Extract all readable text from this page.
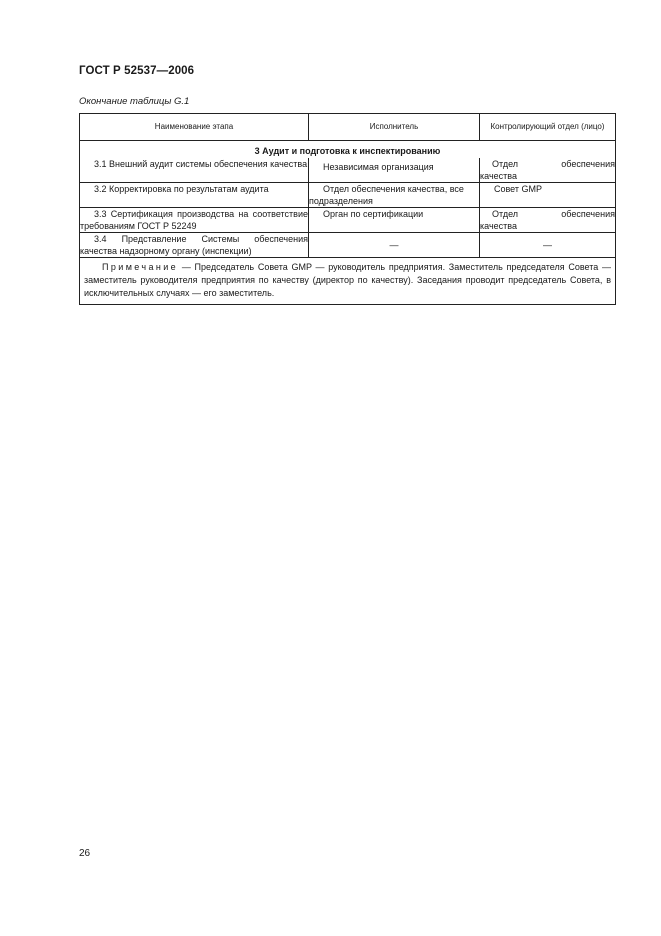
ГОСТ Р 52537—2006
Окончание таблицы G.1
Наименование этапа	Исполнитель	Контролирующий отдел (лицо)
3 Аудит и подготовка к инспектированию		

3.1 Внешний аудит системы обеспечения качества	Независимая организация	Отдел обеспечения
качества

3.2 Корректировка по результатам аудита	Отдел обеспечения качества, все подразделения	Совет GMP

3.3 Сертификация производства на соответствие требованиям ГОСТ Р 52249	Орган по сертификации	Отдел обеспечения
качества

3.4 Представление Системы обеспечения качества надзорному органу (инспекции)	—	—
Примечание — Председатель Совета GMP — руководитель предприятия. Заместитель председателя Совета — заместитель руководителя предприятия по качеству (директор по качеству). Заседания проводит председатель Совета, в исключительных случаях — его заместитель.		
26
